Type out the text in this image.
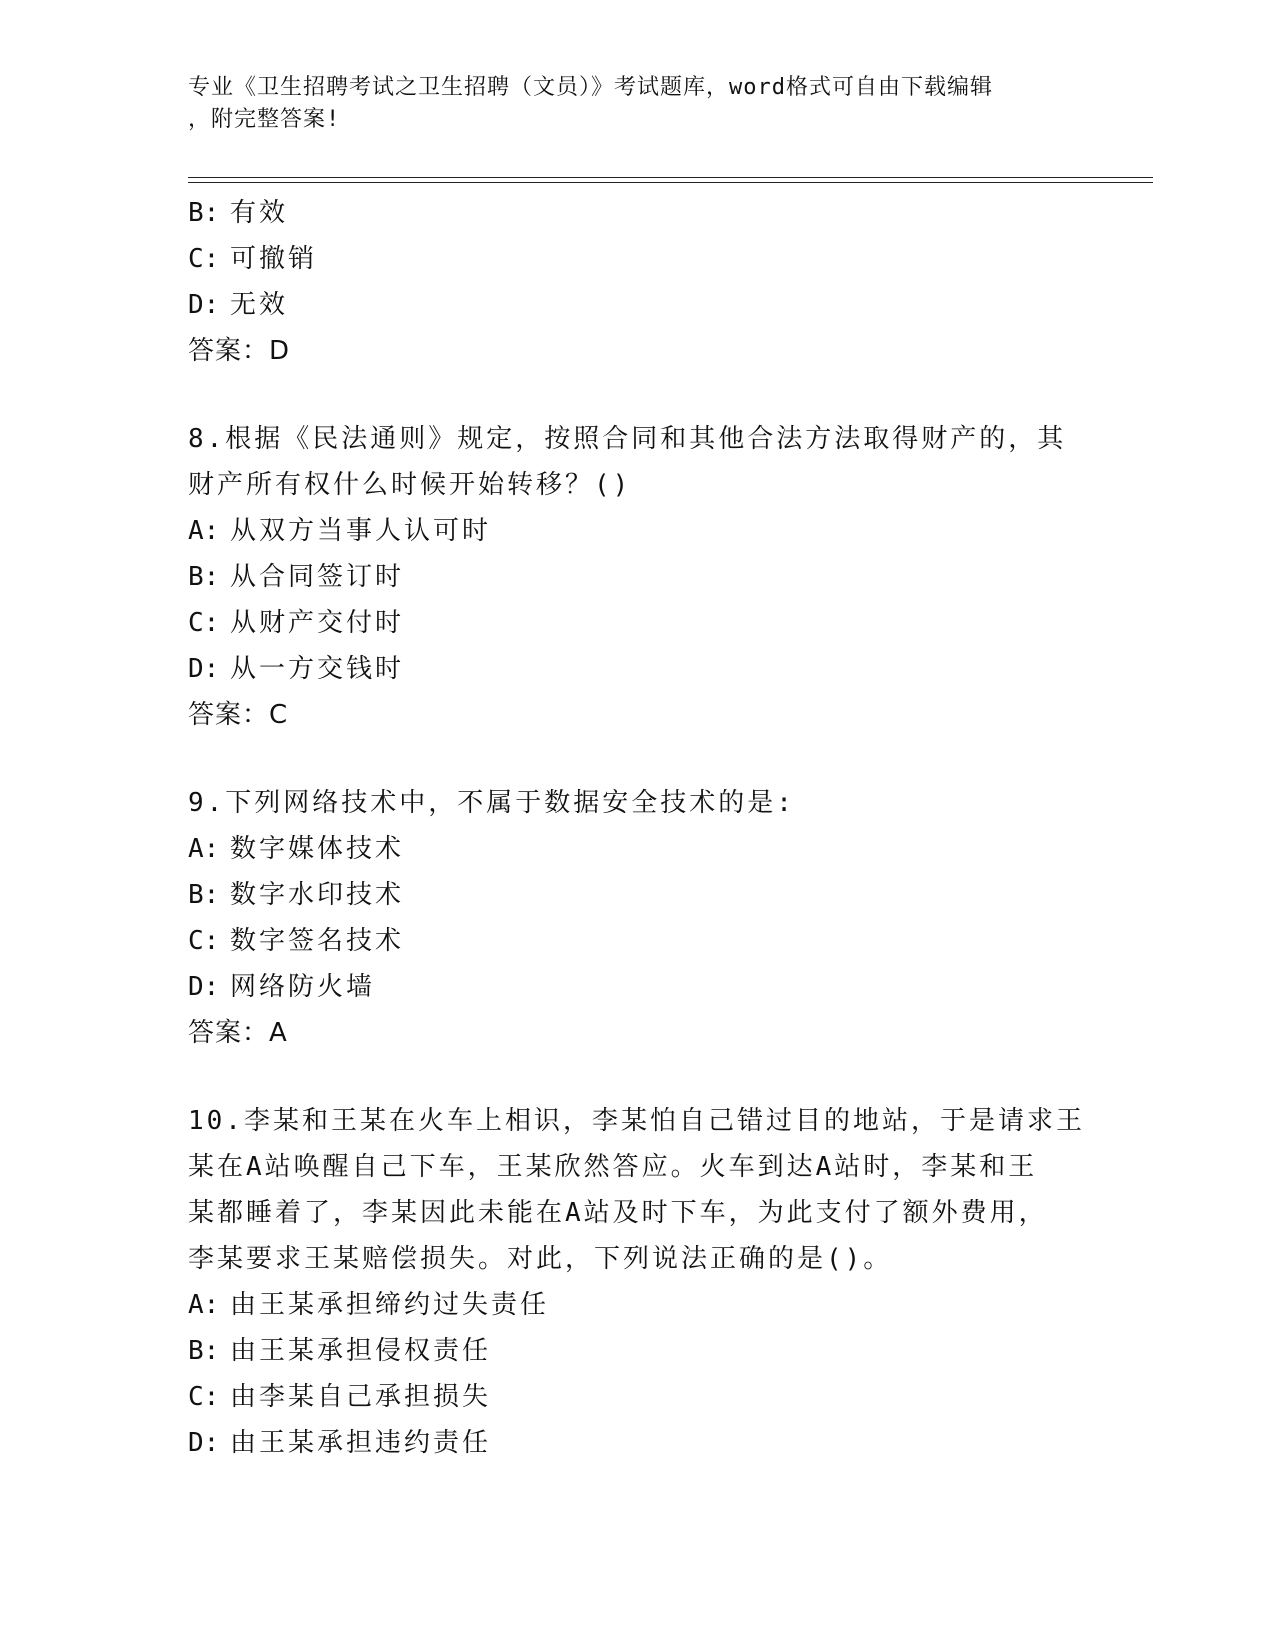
专业《卫生招聘考试之卫生招聘（文员）》考试题库，word格式可自由下载编辑
，附完整答案!
B: 有效
C: 可撤销
D: 无效
答案：D
8.根据《民法通则》规定，按照合同和其他合法方法取得财产的，其
财产所有权什么时候开始转移？()
A: 从双方当事人认可时
B: 从合同签订时
C: 从财产交付时
D: 从一方交钱时
答案：C
9.下列网络技术中，不属于数据安全技术的是:
A: 数字媒体技术
B: 数字水印技术
C: 数字签名技术
D: 网络防火墙
答案：A
10.李某和王某在火车上相识，李某怕自己错过目的地站，于是请求王
某在A站唤醒自己下车，王某欣然答应。火车到达A站时，李某和王
某都睡着了，李某因此未能在A站及时下车，为此支付了额外费用，
李某要求王某赔偿损失。对此，下列说法正确的是()。
A: 由王某承担缔约过失责任
B: 由王某承担侵权责任
C: 由李某自己承担损失
D: 由王某承担违约责任
